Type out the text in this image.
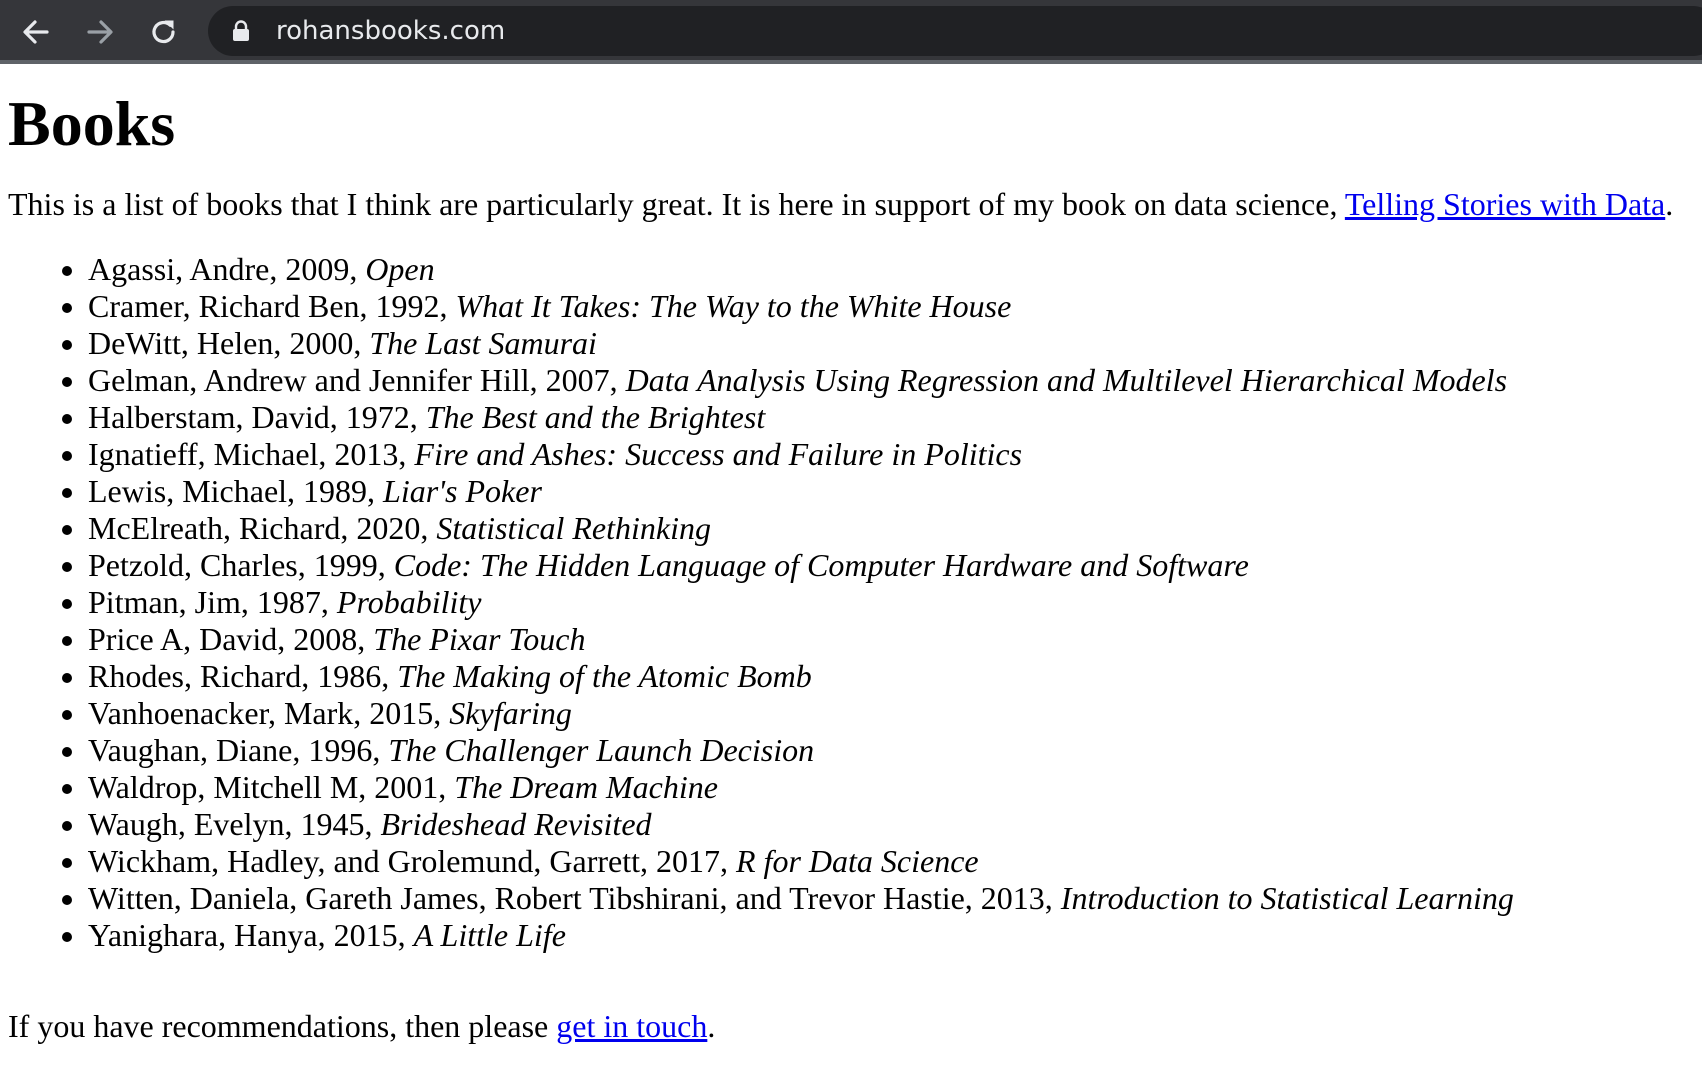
rohansbooks.com
Books

This is a list of books that I think are particularly great. It is here in support of my book on data science, Telling Stories with Data.

• Agassi, Andre, 2009, Open
• Cramer, Richard Ben, 1992, What It Takes: The Way to the White House
• DeWitt, Helen, 2000, The Last Samurai
• Gelman, Andrew and Jennifer Hill, 2007, Data Analysis Using Regression and Multilevel Hierarchical Models
• Halberstam, David, 1972, The Best and the Brightest
• Ignatieff, Michael, 2013, Fire and Ashes: Success and Failure in Politics
• Lewis, Michael, 1989, Liar's Poker
• McElreath, Richard, 2020, Statistical Rethinking
• Petzold, Charles, 1999, Code: The Hidden Language of Computer Hardware and Software
• Pitman, Jim, 1987, Probability
• Price A, David, 2008, The Pixar Touch
• Rhodes, Richard, 1986, The Making of the Atomic Bomb
• Vanhoenacker, Mark, 2015, Skyfaring
• Vaughan, Diane, 1996, The Challenger Launch Decision
• Waldrop, Mitchell M, 2001, The Dream Machine
• Waugh, Evelyn, 1945, Brideshead Revisited
• Wickham, Hadley, and Grolemund, Garrett, 2017, R for Data Science
• Witten, Daniela, Gareth James, Robert Tibshirani, and Trevor Hastie, 2013, Introduction to Statistical Learning
• Yanighara, Hanya, 2015, A Little Life

If you have recommendations, then please get in touch.
